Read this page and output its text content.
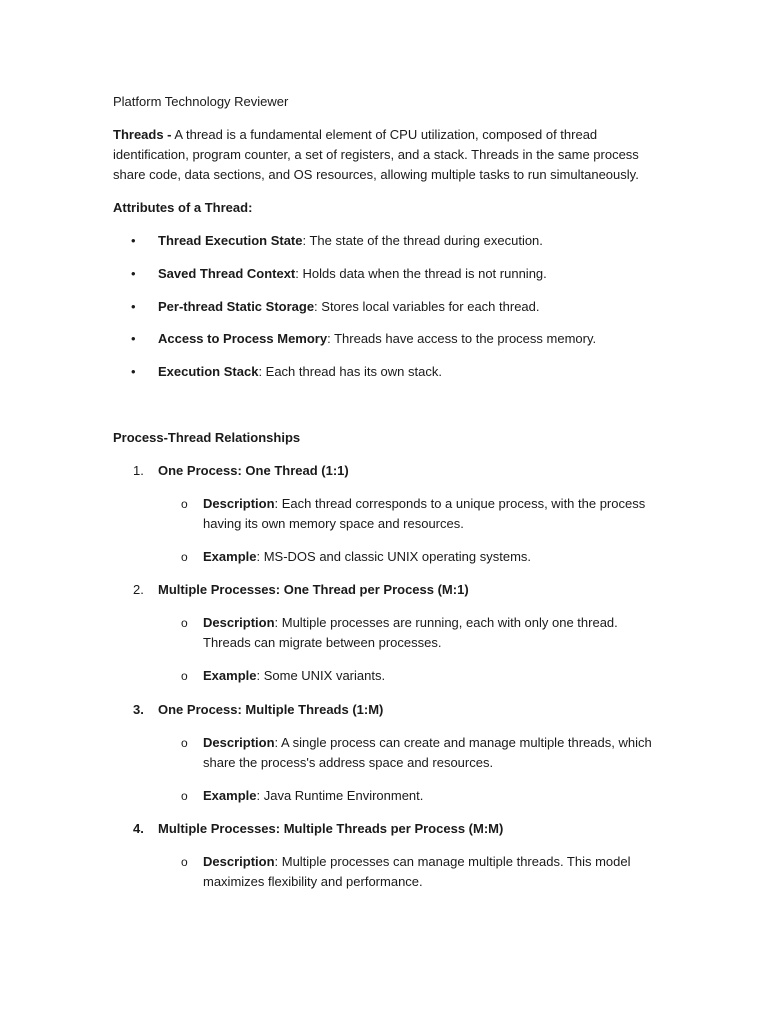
Platform Technology Reviewer

Threads - A thread is a fundamental element of CPU utilization, composed of thread identification, program counter, a set of registers, and a stack. Threads in the same process share code, data sections, and OS resources, allowing multiple tasks to run simultaneously.

Attributes of a Thread:

• Thread Execution State: The state of the thread during execution.
• Saved Thread Context: Holds data when the thread is not running.
• Per-thread Static Storage: Stores local variables for each thread.
• Access to Process Memory: Threads have access to the process memory.
• Execution Stack: Each thread has its own stack.

Process-Thread Relationships

1. One Process: One Thread (1:1)
o Description: Each thread corresponds to a unique process, with the process having its own memory space and resources.

o Example: MS-DOS and classic UNIX operating systems.

2. Multiple Processes: One Thread per Process (M:1)
o Description: Multiple processes are running, each with only one thread. Threads can migrate between processes.

o Example: Some UNIX variants.

3. One Process: Multiple Threads (1:M)
o Description: A single process can create and manage multiple threads, which share the process's address space and resources.

o Example: Java Runtime Environment.

4. Multiple Processes: Multiple Threads per Process (M:M)
o Description: Multiple processes can manage multiple threads. This model maximizes flexibility and performance.
